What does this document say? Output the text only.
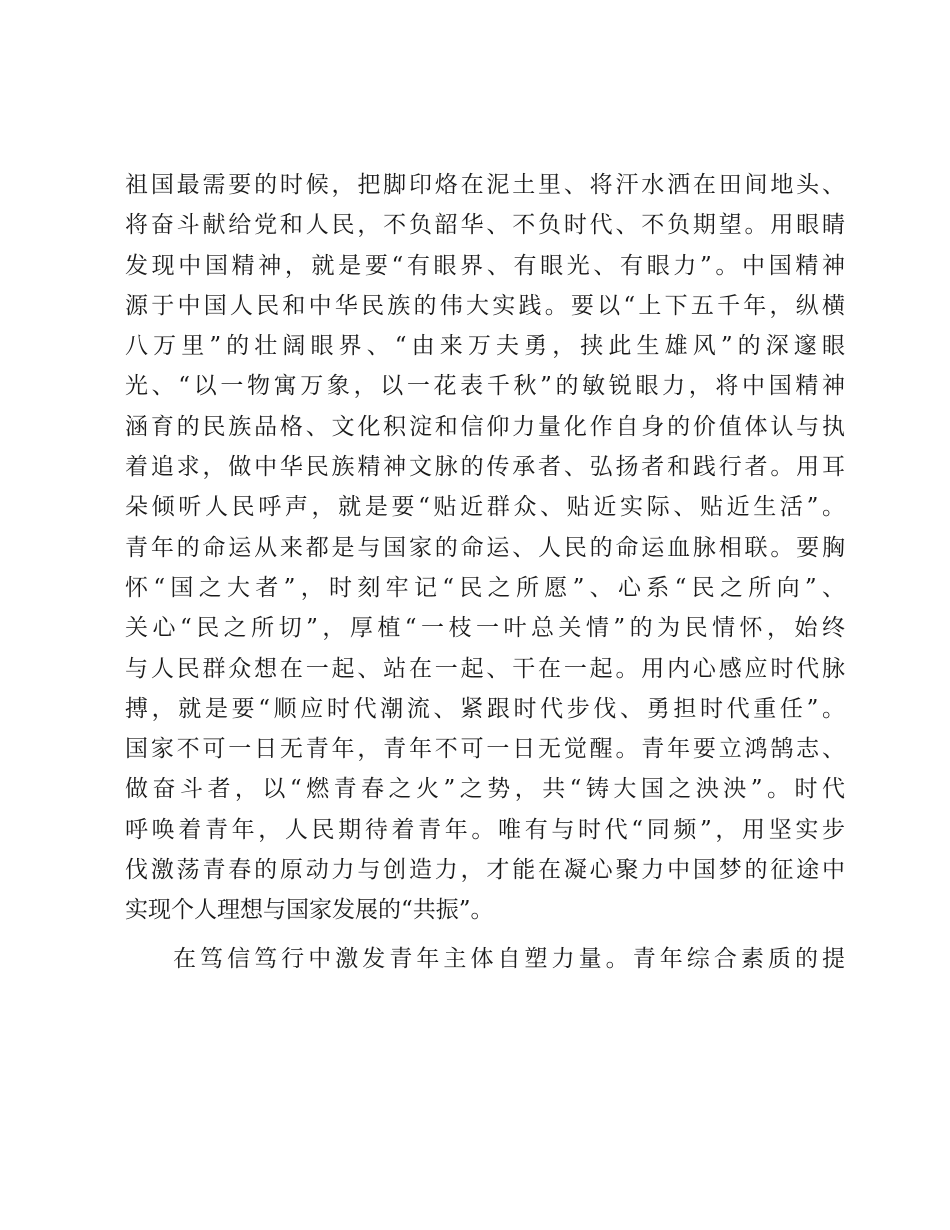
祖国最需要的时候，把脚印烙在泥土里、将汗水洒在田间地头、
将奋斗献给党和人民，不负韶华、不负时代、不负期望。用眼睛
发现中国精神，就是要“有眼界、有眼光、有眼力”。中国精神
源于中国人民和中华民族的伟大实践。要以“上下五千年，纵横
八万里”的壮阔眼界、“由来万夫勇，挟此生雄风”的深邃眼
光、“以一物寓万象，以一花表千秋”的敏锐眼力，将中国精神
涵育的民族品格、文化积淀和信仰力量化作自身的价值体认与执
着追求，做中华民族精神文脉的传承者、弘扬者和践行者。用耳
朵倾听人民呼声，就是要“贴近群众、贴近实际、贴近生活”。
青年的命运从来都是与国家的命运、人民的命运血脉相联。要胸
怀“国之大者”，时刻牢记“民之所愿”、心系“民之所向”、
关心“民之所切”，厚植“一枝一叶总关情”的为民情怀，始终
与人民群众想在一起、站在一起、干在一起。用内心感应时代脉
搏，就是要“顺应时代潮流、紧跟时代步伐、勇担时代重任”。
国家不可一日无青年，青年不可一日无觉醒。青年要立鸿鹄志、
做奋斗者，以“燃青春之火”之势，共“铸大国之泱泱”。时代
呼唤着青年，人民期待着青年。唯有与时代“同频”，用坚实步
伐激荡青春的原动力与创造力，才能在凝心聚力中国梦的征途中
实现个人理想与国家发展的“共振”。
在笃信笃行中激发青年主体自塑力量。青年综合素质的提
